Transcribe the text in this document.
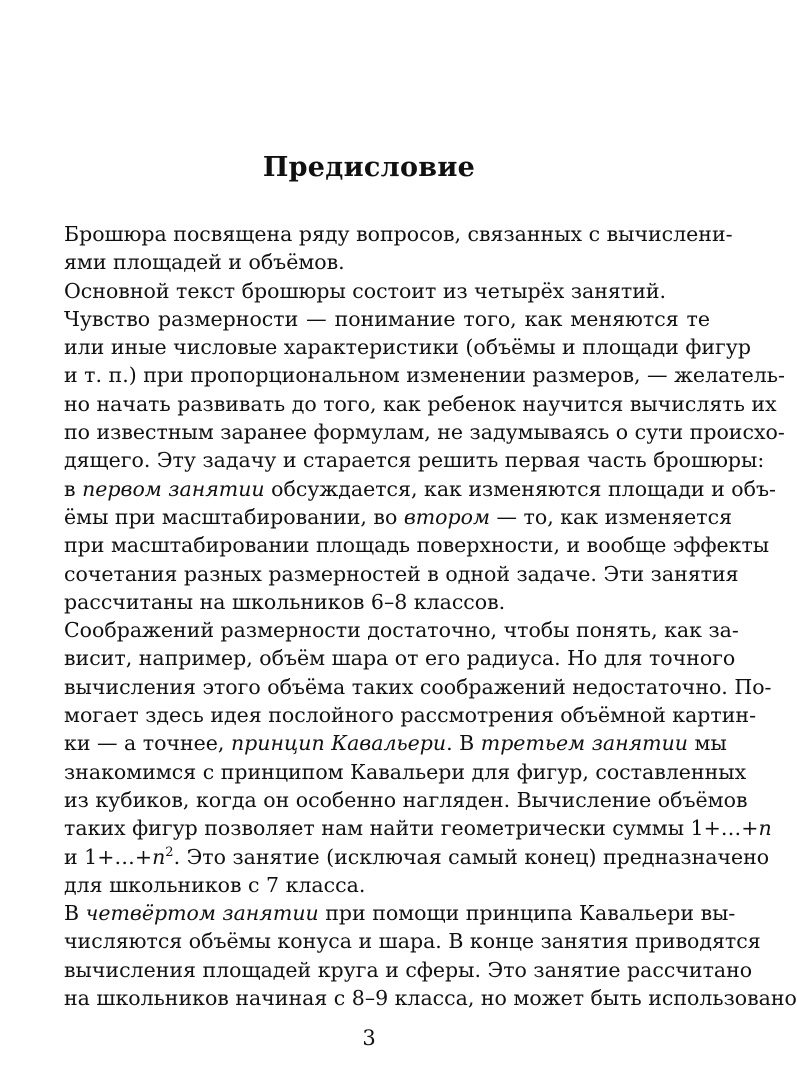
Предисловие
Брошюра посвящена ряду вопросов, связанных с вычислени-
ями площадей и объёмов.
Основной текст брошюры состоит из четырёх занятий.
Чувство размерности — понимание того, как меняются те
или иные числовые характеристики (объёмы и площади фигур
и т. п.) при пропорциональном изменении размеров, — желатель-
но начать развивать до того, как ребенок научится вычислять их
по известным заранее формулам, не задумываясь о сути происхо-
дящего. Эту задачу и старается решить первая часть брошюры:
в первом занятии обсуждается, как изменяются площади и объ-
ёмы при масштабировании, во втором — то, как изменяется
при масштабировании площадь поверхности, и вообще эффекты
сочетания разных размерностей в одной задаче. Эти занятия
рассчитаны на школьников 6–8 классов.
Соображений размерности достаточно, чтобы понять, как за-
висит, например, объём шара от его радиуса. Но для точного
вычисления этого объёма таких соображений недостаточно. По-
могает здесь идея послойного рассмотрения объёмной картин-
ки — а точнее, принцип Кавальери. В третьем занятии мы
знакомимся с принципом Кавальери для фигур, составленных
из кубиков, когда он особенно нагляден. Вычисление объёмов
таких фигур позволяет нам найти геометрически суммы 1+…+n
и $1+\dots+n^2$. Это занятие (исключая самый конец) предназначено
для школьников с 7 класса.
В четвёртом занятии при помощи принципа Кавальери вы-
числяются объёмы конуса и шара. В конце занятия приводятся
вычисления площадей круга и сферы. Это занятие рассчитано
на школьников начиная с 8–9 класса, но может быть использовано
3
